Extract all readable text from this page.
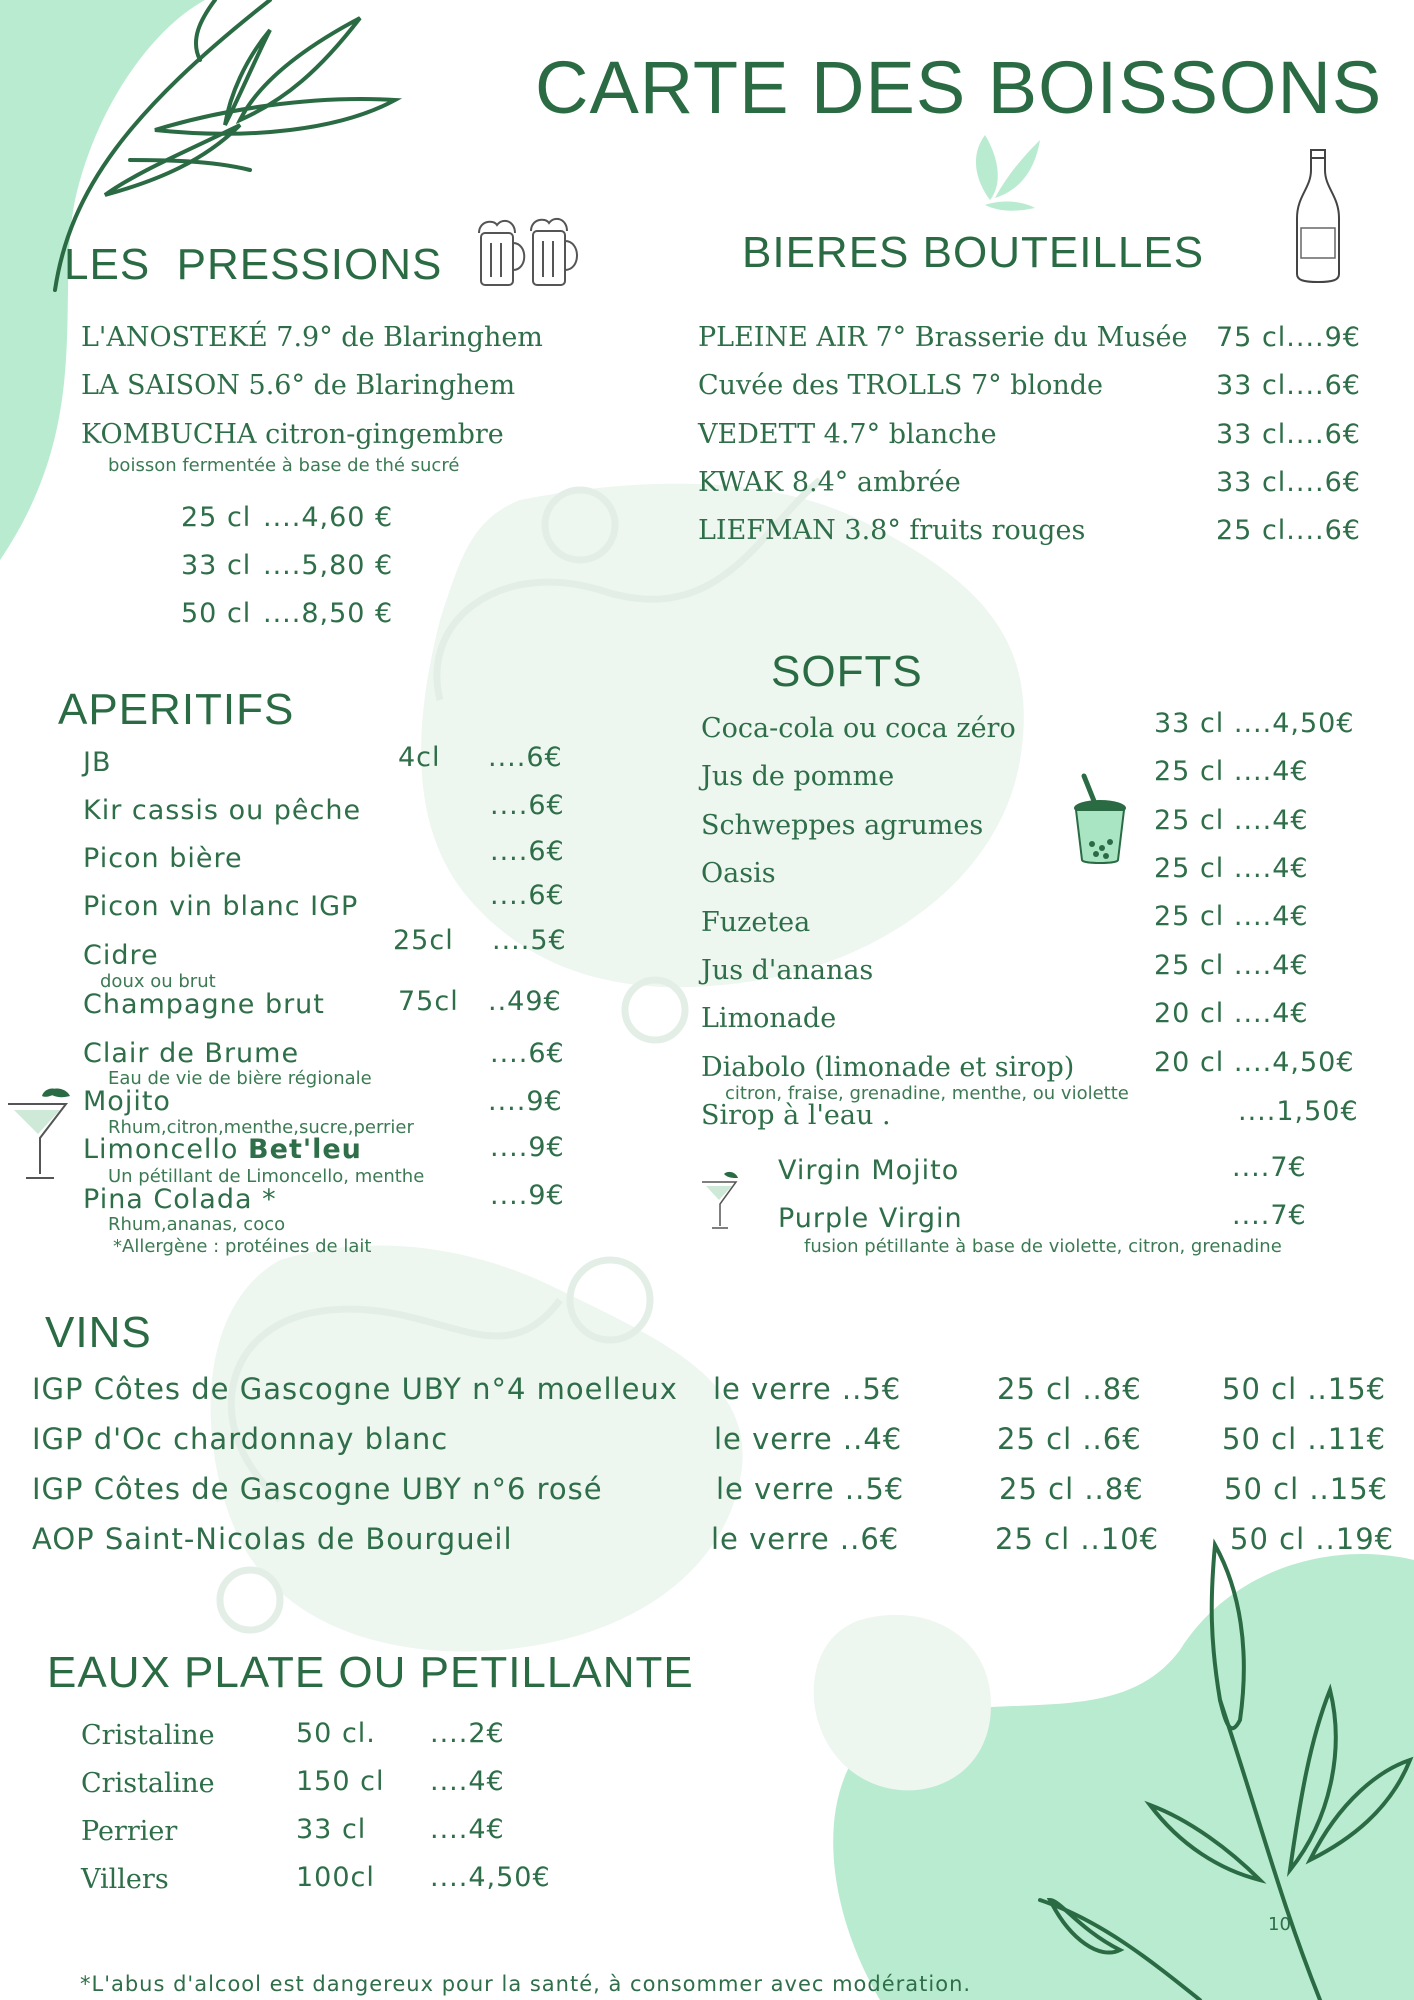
CARTE DES BOISSONS
LES  PRESSIONS
L'ANOSTEKÉ 7.9° de Blaringhem
LA SAISON 5.6° de Blaringhem
KOMBUCHA citron-gingembre
boisson fermentée à base de thé sucré
25 cl ....4,60 €
33 cl ....5,80 €
50 cl ....8,50 €
BIERES BOUTEILLES
PLEINE AIR 7° Brasserie du Musée 75 cl....9€
Cuvée des TROLLS 7° blonde	33 cl....6€
VEDETT 4.7° blanche	33 cl....6€
KWAK 8.4° ambrée	33 cl....6€
LIEFMAN 3.8° fruits rouges	25 cl....6€
APERITIFS
JB	4cl ....6€
Kir cassis ou pêche	....6€
Picon bière	....6€
Picon vin blanc IGP	....6€
Cidre	25cl ....5€
doux ou brut
Champagne brut	75cl ..49€
Clair de Brume	....6€
Eau de vie de bière régionale
Mojito	....9€
Rhum,citron,menthe,sucre,perrier
Limoncello Bet'leu	....9€
Un pétillant de Limoncello, menthe
Pina Colada *	....9€
Rhum,ananas, coco
*Allergène : protéines de lait
SOFTS
Coca-cola ou coca zéro	33 cl ....4,50€
Jus de pomme	25 cl ....4€
Schweppes agrumes	25 cl ....4€
Oasis	25 cl ....4€
Fuzetea	25 cl ....4€
Jus d'ananas	25 cl ....4€
Limonade	20 cl ....4€
Diabolo (limonade et sirop)	20 cl ....4,50€
citron, fraise, grenadine, menthe, ou violette
Sirop à l'eau .	....1,50€
Virgin Mojito	....7€
Purple Virgin	....7€
fusion pétillante à base de violette, citron, grenadine
VINS
IGP Côtes de Gascogne UBY n°4 moelleux le verre ..5€	25 cl ..8€	50 cl ..15€
IGP d'Oc chardonnay blanc	le verre ..4€	25 cl ..6€	50 cl ..11€
IGP Côtes de Gascogne UBY n°6 rosé	le verre ..5€	25 cl ..8€	50 cl ..15€
AOP Saint-Nicolas de Bourgueil	le verre ..6€	25 cl ..10€ 50 cl ..19€
EAUX PLATE OU PETILLANTE
Cristaline	50 cl. ....2€
Cristaline	150 cl ....4€
Perrier	33 cl ....4€
Villers	100cl ....4,50€
10
*L'abus d'alcool est dangereux pour la santé, à consommer avec modération.
